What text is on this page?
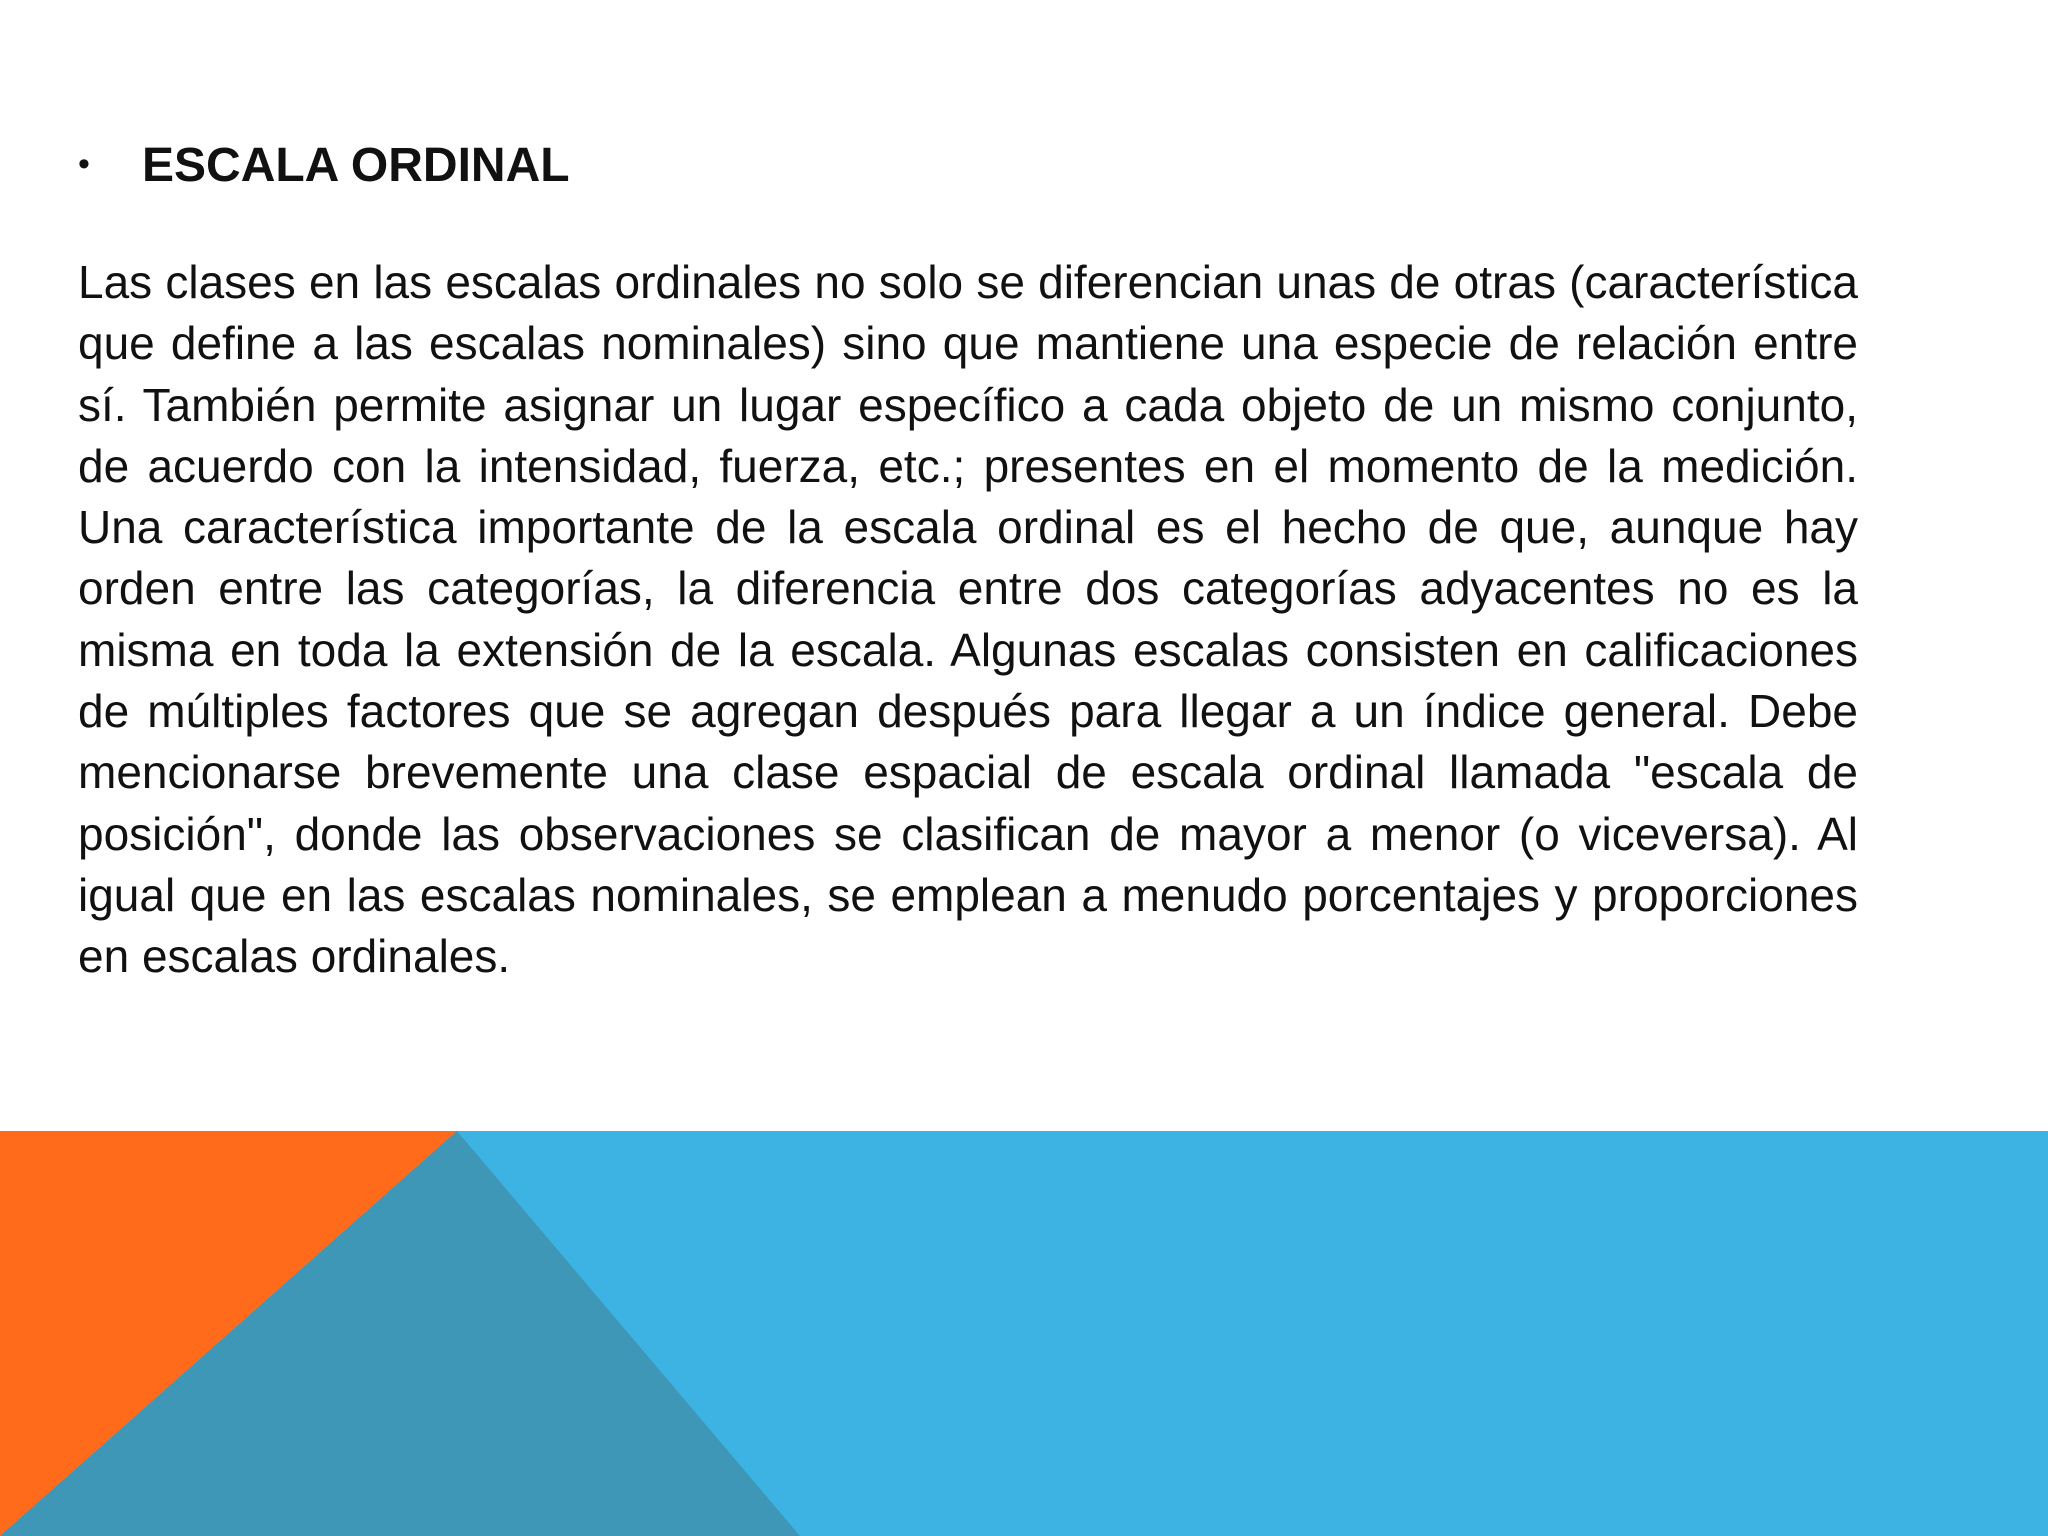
•	ESCALA ORDINAL
Las clases en las escalas ordinales no solo se diferencian unas de otras (característica que define a las escalas nominales) sino que mantiene una especie de relación entre sí. También permite asignar un lugar específico a cada objeto de un mismo conjunto, de acuerdo con la intensidad, fuerza, etc.; presentes en el momento de la medición. Una característica importante de la escala ordinal es el hecho de que, aunque hay orden entre las categorías, la diferencia entre dos categorías adyacentes no es la misma en toda la extensión de la escala. Algunas escalas consisten en calificaciones de múltiples factores que se agregan después para llegar a un índice general. Debe mencionarse brevemente una clase espacial de escala ordinal llamada "escala de posición", donde las observaciones se clasifican de mayor a menor (o viceversa). Al igual que en las escalas nominales, se emplean a menudo porcentajes y proporciones en escalas ordinales.
